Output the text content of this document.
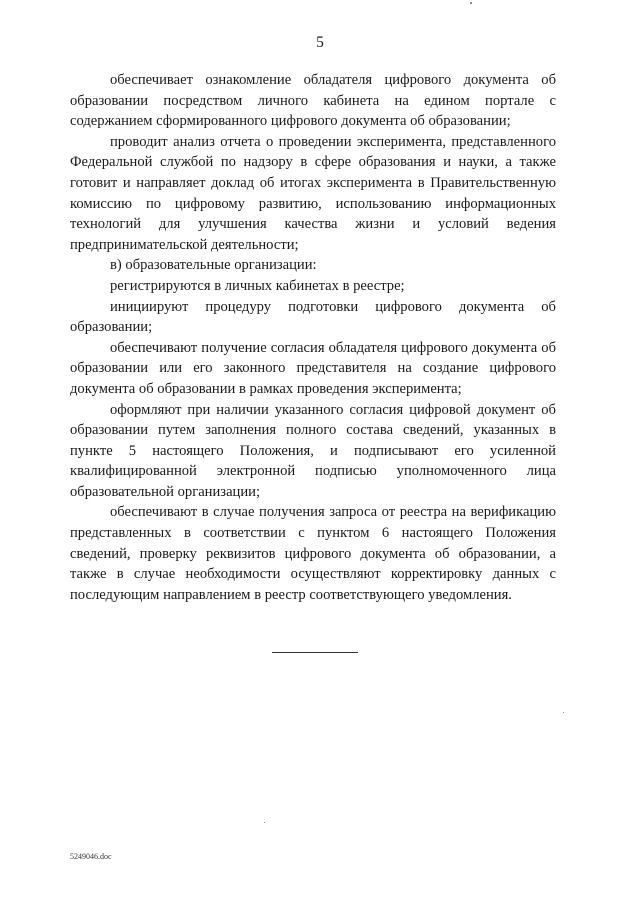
5

обеспечивает ознакомление обладателя цифрового документа об образовании посредством личного кабинета на едином портале с содержанием сформированного цифрового документа об образовании;

проводит анализ отчета о проведении эксперимента, представленного Федеральной службой по надзору в сфере образования и науки, а также готовит и направляет доклад об итогах эксперимента в Правительственную комиссию по цифровому развитию, использованию информационных технологий для улучшения качества жизни и условий ведения предпринимательской деятельности;

в) образовательные организации:

регистрируются в личных кабинетах в реестре;

инициируют процедуру подготовки цифрового документа об образовании;

обеспечивают получение согласия обладателя цифрового документа об образовании или его законного представителя на создание цифрового документа об образовании в рамках проведения эксперимента;

оформляют при наличии указанного согласия цифровой документ об образовании путем заполнения полного состава сведений, указанных в пункте 5 настоящего Положения, и подписывают его усиленной квалифицированной электронной подписью уполномоченного лица образовательной организации;

обеспечивают в случае получения запроса от реестра на верификацию представленных в соответствии с пунктом 6 настоящего Положения сведений, проверку реквизитов цифрового документа об образовании, а также в случае необходимости осуществляют корректировку данных с последующим направлением в реестр соответствующего уведомления.

5249046.doc
